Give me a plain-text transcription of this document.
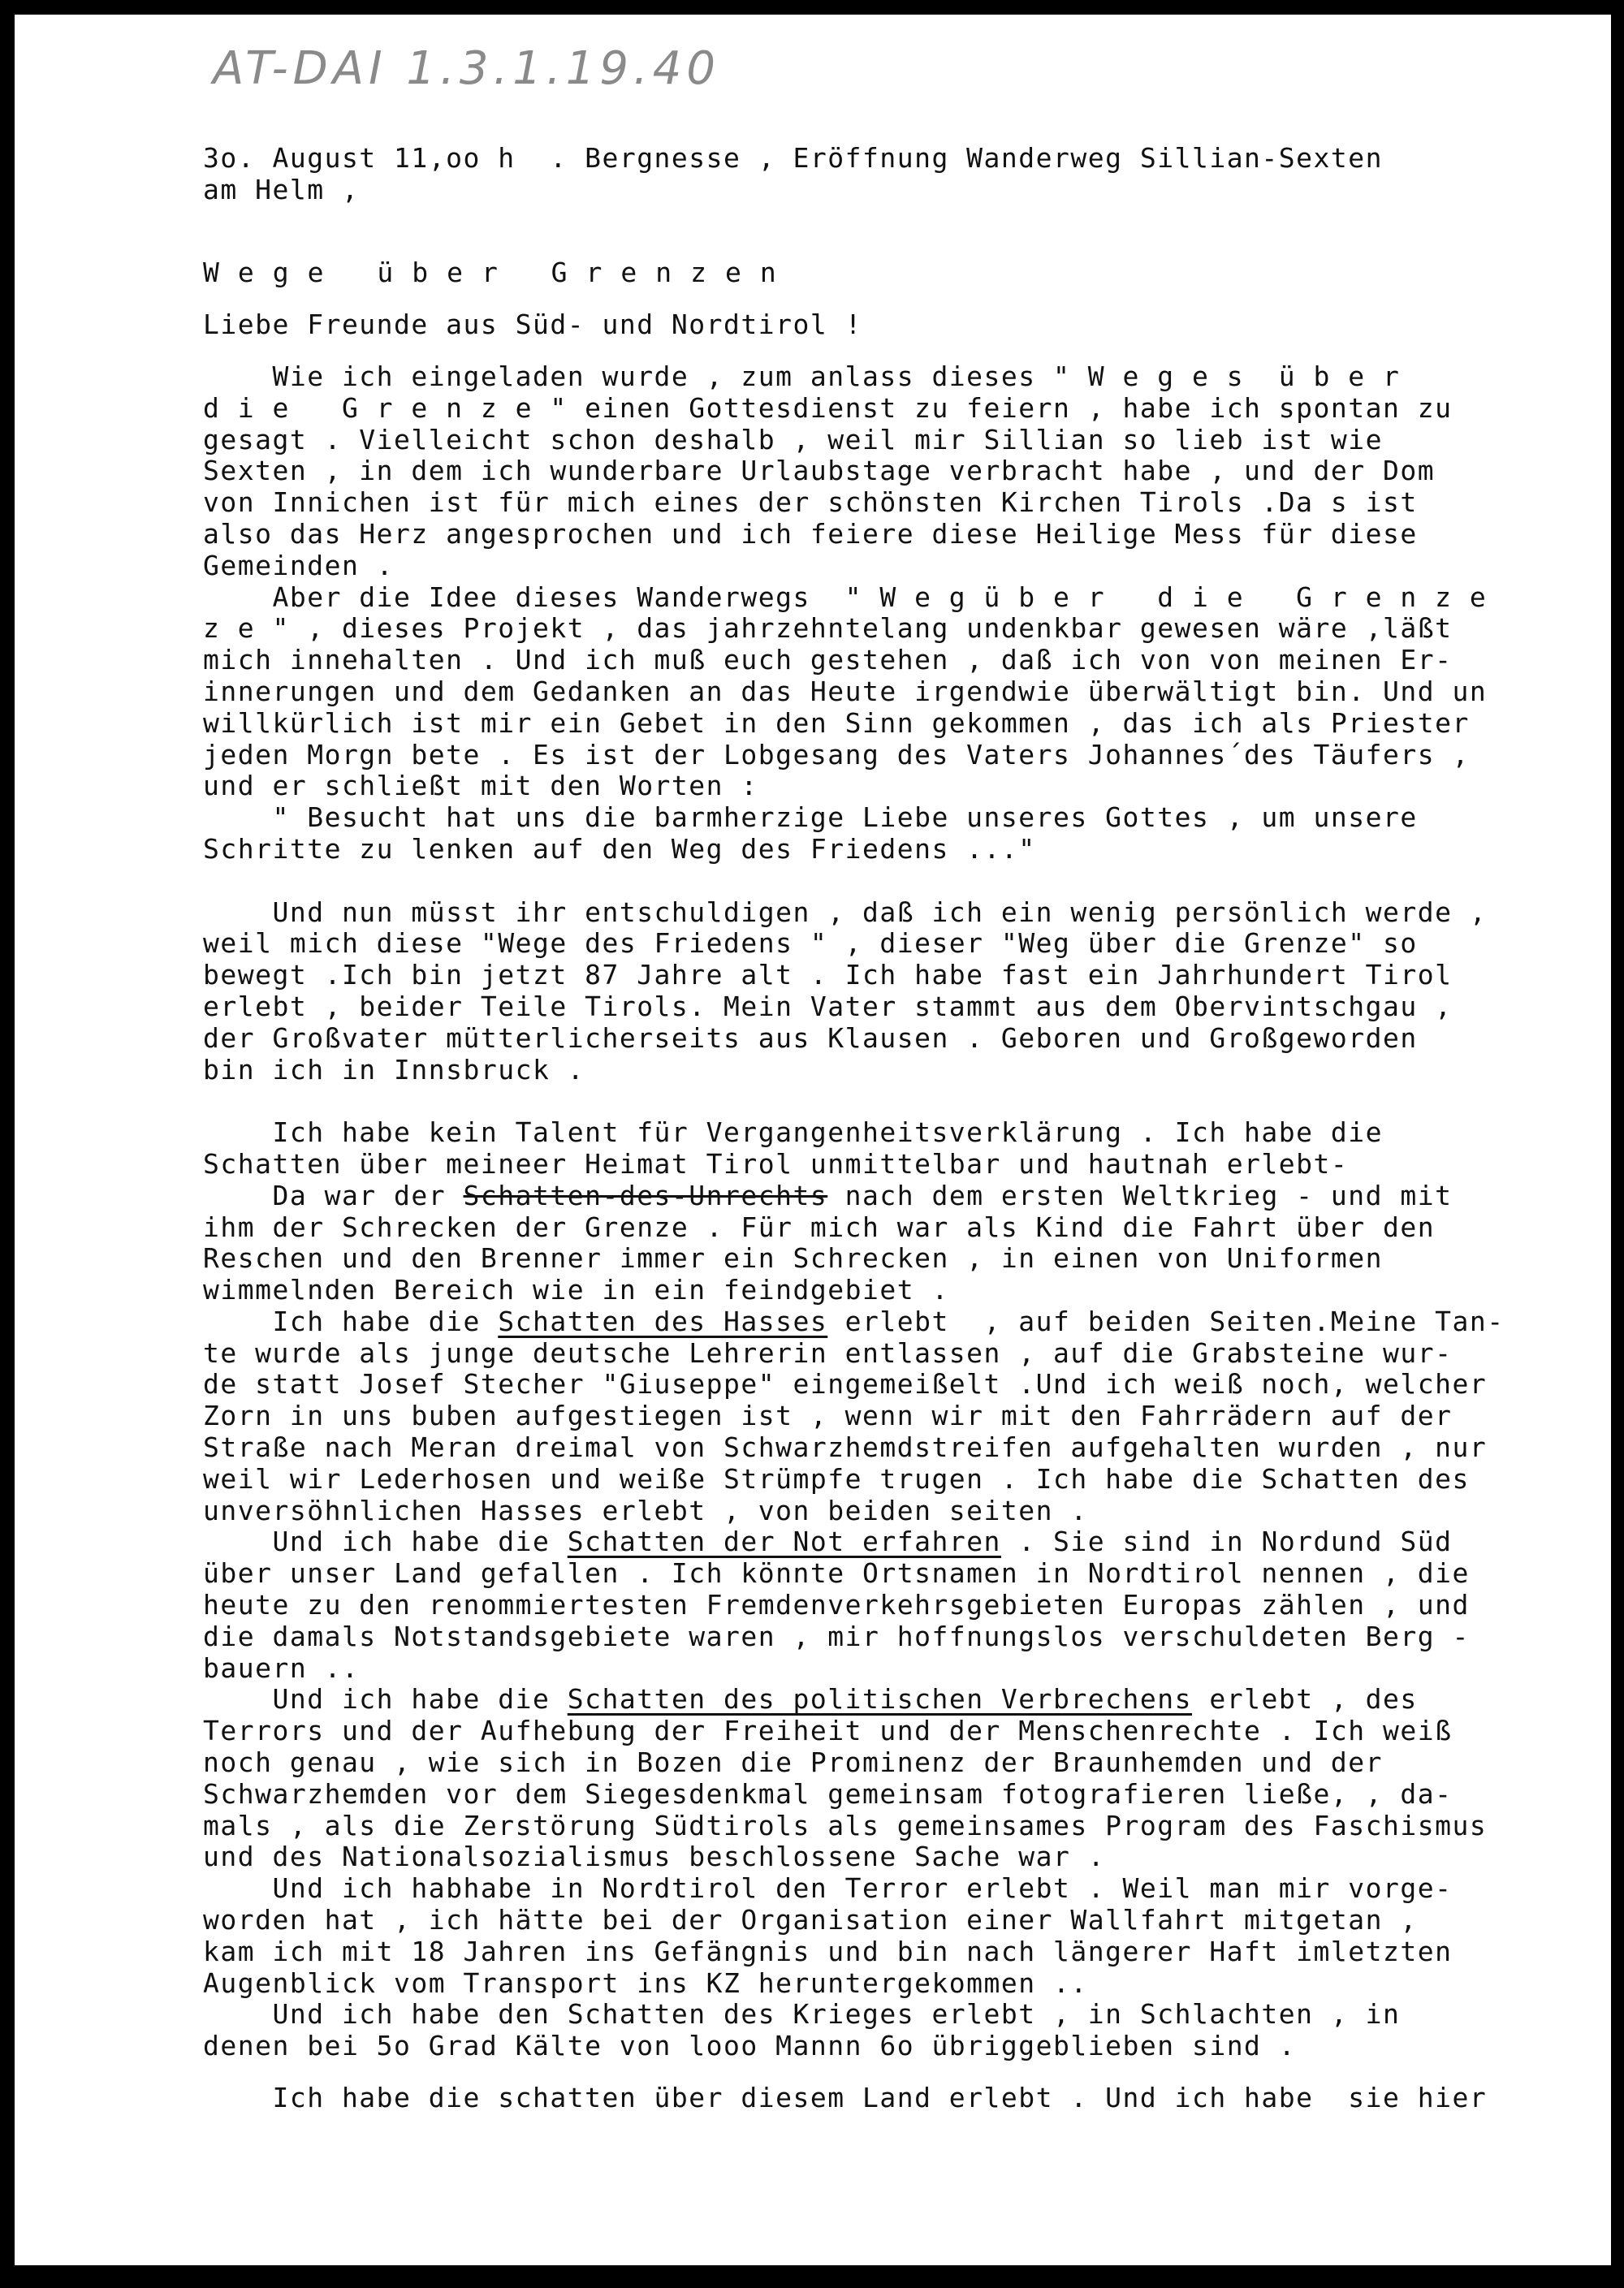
AT-DAI 1.3.1.19.40
3o. August 11,oo h  . Bergnesse , Eröffnung Wanderweg Sillian-Sexten
am Helm ,
Wege über Grenzen
Liebe Freunde aus Süd- und Nordtirol !
Wie ich eingeladen wurde , zum anlass dieses " W e g e s  ü b e r
d i e   G r e n z e " einen Gottesdienst zu feiern , habe ich spontan zu
gesagt . Vielleicht schon deshalb , weil mir Sillian so lieb ist wie
Sexten , in dem ich wunderbare Urlaubstage verbracht habe , und der Dom
von Innichen ist für mich eines der schönsten Kirchen Tirols .Da s ist
also das Herz angesprochen und ich feiere diese Heilige Mess für diese
Gemeinden .
Aber die Idee dieses Wanderwegs  " W e g ü b e r   d i e   G r e n z e
z e " , dieses Projekt , das jahrzehntelang undenkbar gewesen wäre ,läßt
mich innehalten . Und ich muß euch gestehen , daß ich von von meinen Er-
innerungen und dem Gedanken an das Heute irgendwie überwältigt bin. Und un
willkürlich ist mir ein Gebet in den Sinn gekommen , das ich als Priester
jeden Morgn bete . Es ist der Lobgesang des Vaters Johannes´des Täufers ,
und er schließt mit den Worten :
" Besucht hat uns die barmherzige Liebe unseres Gottes , um unsere
Schritte zu lenken auf den Weg des Friedens ..."
Und nun müsst ihr entschuldigen , daß ich ein wenig persönlich werde ,
weil mich diese "Wege des Friedens " , dieser "Weg über die Grenze" so
bewegt .Ich bin jetzt 87 Jahre alt . Ich habe fast ein Jahrhundert Tirol
erlebt , beider Teile Tirols. Mein Vater stammt aus dem Obervintschgau ,
der Großvater mütterlicherseits aus Klausen . Geboren und Großgeworden
bin ich in Innsbruck .
Ich habe kein Talent für Vergangenheitsverklärung . Ich habe die
Schatten über meineer Heimat Tirol unmittelbar und hautnah erlebt-
Da war der Schatten-des-Unrechts nach dem ersten Weltkrieg - und mit
ihm der Schrecken der Grenze . Für mich war als Kind die Fahrt über den
Reschen und den Brenner immer ein Schrecken , in einen von Uniformen
wimmelnden Bereich wie in ein feindgebiet .
Ich habe die Schatten des Hasses erlebt  , auf beiden Seiten.Meine Tan-
te wurde als junge deutsche Lehrerin entlassen , auf die Grabsteine wur-
de statt Josef Stecher "Giuseppe" eingemeißelt .Und ich weiß noch, welcher
Zorn in uns buben aufgestiegen ist , wenn wir mit den Fahrrädern auf der
Straße nach Meran dreimal von Schwarzhemdstreifen aufgehalten wurden , nur
weil wir Lederhosen und weiße Strümpfe trugen . Ich habe die Schatten des
unversöhnlichen Hasses erlebt , von beiden seiten .
Und ich habe die Schatten der Not erfahren . Sie sind in Nordund Süd
über unser Land gefallen . Ich könnte Ortsnamen in Nordtirol nennen , die
heute zu den renommiertesten Fremdenverkehrsgebieten Europas zählen , und
die damals Notstandsgebiete waren , mir hoffnungslos verschuldeten Berg -
bauern ..
Und ich habe die Schatten des politischen Verbrechens erlebt , des
Terrors und der Aufhebung der Freiheit und der Menschenrechte . Ich weiß
noch genau , wie sich in Bozen die Prominenz der Braunhemden und der
Schwarzhemden vor dem Siegesdenkmal gemeinsam fotografieren ließe, , da-
mals , als die Zerstörung Südtirols als gemeinsames Program des Faschismus
und des Nationalsozialismus beschlossene Sache war .
Und ich habhabe in Nordtirol den Terror erlebt . Weil man mir vorge-
worden hat , ich hätte bei der Organisation einer Wallfahrt mitgetan ,
kam ich mit 18 Jahren ins Gefängnis und bin nach längerer Haft imletzten
Augenblick vom Transport ins KZ heruntergekommen ..
Und ich habe den Schatten des Krieges erlebt , in Schlachten , in
denen bei 5o Grad Kälte von looo Mannn 6o übriggeblieben sind .
Ich habe die schatten über diesem Land erlebt . Und ich habe  sie hier
